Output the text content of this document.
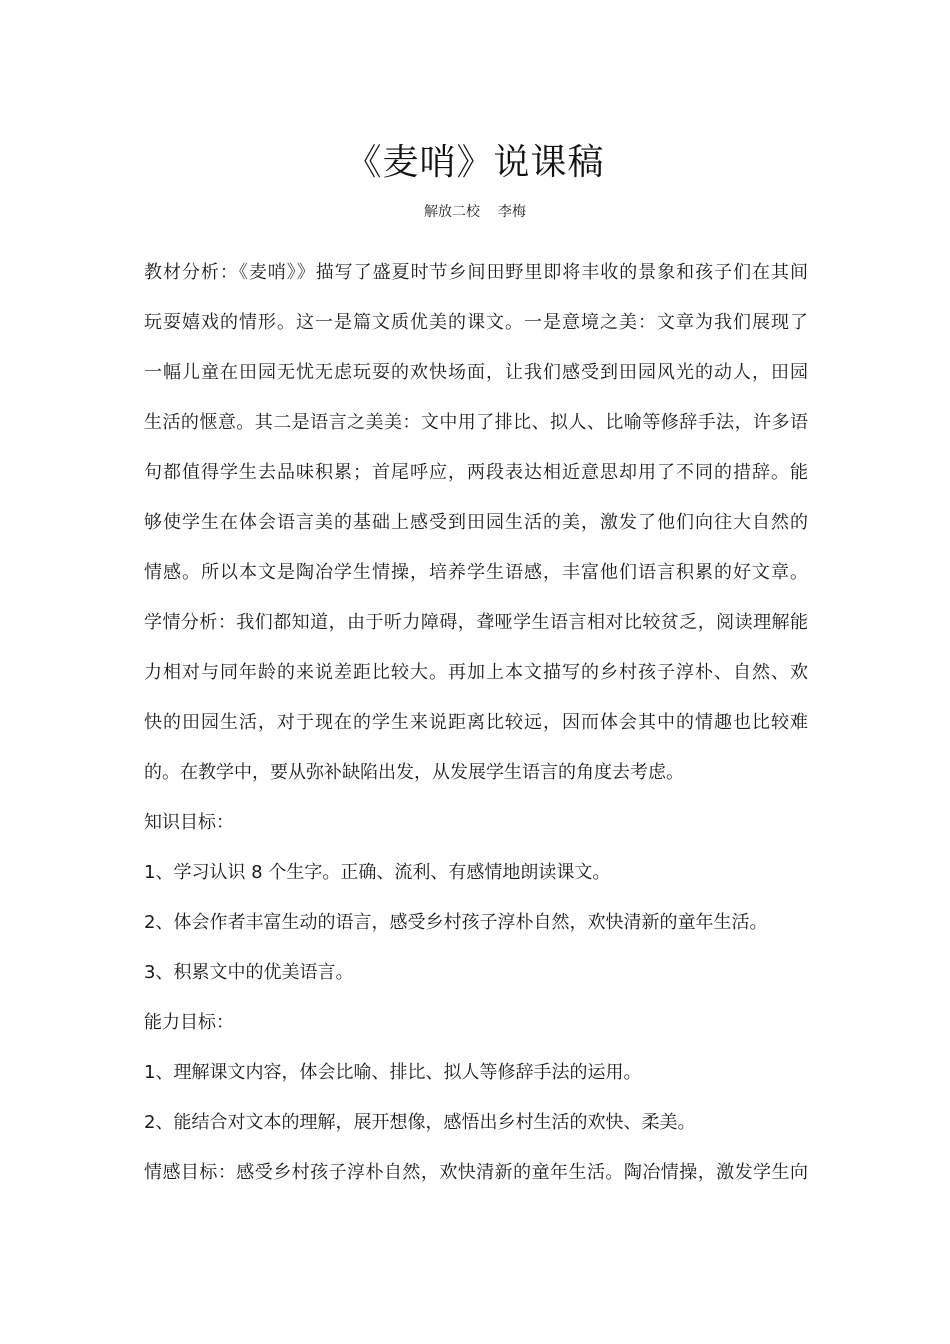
《麦哨》说课稿
解放二校 李梅
教材分析：《麦哨》》描写了盛夏时节乡间田野里即将丰收的景象和孩子们在其间
玩耍嬉戏的情形。这一是篇文质优美的课文。一是意境之美：文章为我们展现了
一幅儿童在田园无忧无虑玩耍的欢快场面，让我们感受到田园风光的动人，田园
生活的惬意。其二是语言之美美：文中用了排比、拟人、比喻等修辞手法，许多语
句都值得学生去品味积累；首尾呼应，两段表达相近意思却用了不同的措辞。能
够使学生在体会语言美的基础上感受到田园生活的美，激发了他们向往大自然的
情感。所以本文是陶冶学生情操，培养学生语感，丰富他们语言积累的好文章。
学情分析：我们都知道，由于听力障碍，聋哑学生语言相对比较贫乏，阅读理解能
力相对与同年龄的来说差距比较大。再加上本文描写的乡村孩子淳朴、自然、欢
快的田园生活，对于现在的学生来说距离比较远，因而体会其中的情趣也比较难
的。在教学中，要从弥补缺陷出发，从发展学生语言的角度去考虑。
知识目标：
1、学习认识 8 个生字。正确、流利、有感情地朗读课文。
2、体会作者丰富生动的语言，感受乡村孩子淳朴自然，欢快清新的童年生活。
3、积累文中的优美语言。
能力目标：
1、理解课文内容，体会比喻、排比、拟人等修辞手法的运用。
2、能结合对文本的理解，展开想像，感悟出乡村生活的欢快、柔美。
情感目标：感受乡村孩子淳朴自然，欢快清新的童年生活。陶冶情操，激发学生向
